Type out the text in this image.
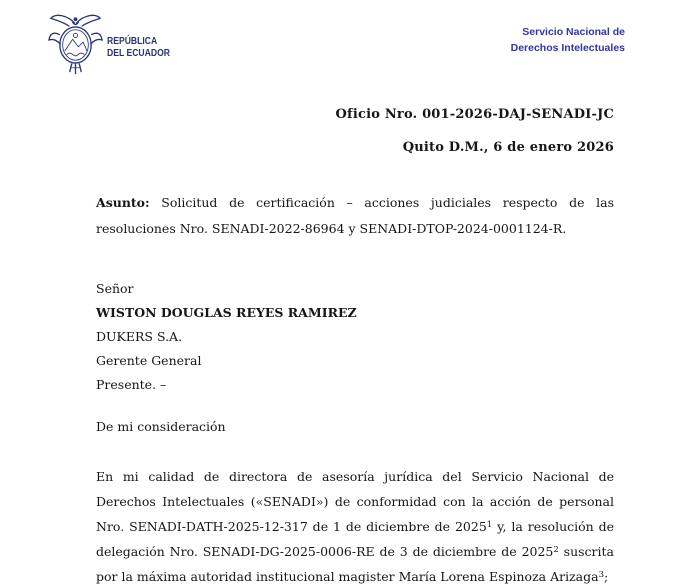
REPÚBLICA
DEL ECUADOR
Servicio Nacional de
Derechos Intelectuales
Oficio Nro. 001-2026-DAJ-SENADI-JC
Quito D.M., 6 de enero 2026

Asunto: Solicitud de certificación – acciones judiciales respecto de las resoluciones Nro. SENADI-2022-86964 y SENADI-DTOP-2024-0001124-R.

Señor
WISTON DOUGLAS REYES RAMIREZ
DUKERS S.A.
Gerente General
Presente. –
De mi consideración

En mi calidad de directora de asesoría jurídica del Servicio Nacional de Derechos Intelectuales («SENADI») de conformidad con la acción de personal Nro. SENADI-DATH-2025-12-317 de 1 de diciembre de 2025$^1$ y, la resolución de delegación Nro. SENADI-DG-2025-0006-RE de 3 de diciembre de 2025$^2$ suscrita por la máxima autoridad institucional magister María Lorena Espinoza Arizaga$^3$;
